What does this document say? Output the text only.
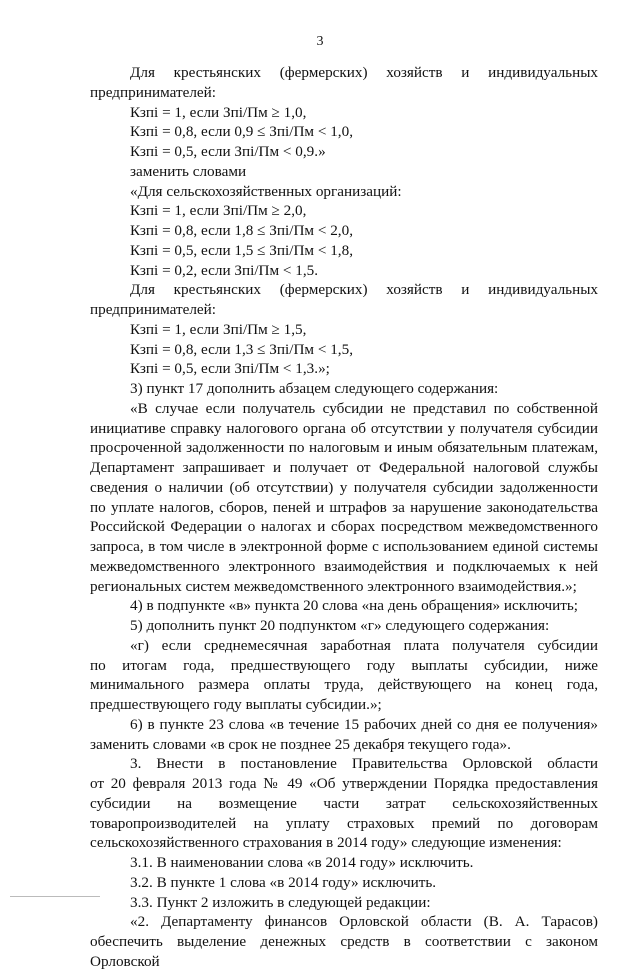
3
Для крестьянских (фермерских) хозяйств и индивидуальных
предпринимателей:
Кзпi = 1, если Зпi/Пм ≥ 1,0,
Кзпi = 0,8, если 0,9 ≤ Зпi/Пм < 1,0,
Кзпi = 0,5, если Зпi/Пм < 0,9.»
заменить словами
«Для сельскохозяйственных организаций:
Кзпi = 1, если Зпi/Пм ≥ 2,0,
Кзпi = 0,8, если 1,8 ≤ Зпi/Пм < 2,0,
Кзпi = 0,5, если 1,5 ≤ Зпi/Пм < 1,8,
Кзпi = 0,2, если Зпi/Пм < 1,5.
Для крестьянских (фермерских) хозяйств и индивидуальных
предпринимателей:
Кзпi = 1, если Зпi/Пм ≥ 1,5,
Кзпi = 0,8, если 1,3 ≤ Зпi/Пм < 1,5,
Кзпi = 0,5, если Зпi/Пм < 1,3.»;
3) пункт 17 дополнить абзацем следующего содержания:
«В случае если получатель субсидии не представил по собственной
инициативе справку налогового органа об отсутствии у получателя субсидии
просроченной задолженности по налоговым и иным обязательным платежам,
Департамент запрашивает и получает от Федеральной налоговой службы
сведения о наличии (об отсутствии) у получателя субсидии задолженности
по уплате налогов, сборов, пеней и штрафов за нарушение законодательства
Российской Федерации о налогах и сборах посредством межведомственного
запроса, в том числе в электронной форме с использованием единой системы
межведомственного электронного взаимодействия и подключаемых к ней
региональных систем межведомственного электронного взаимодействия.»;
4) в подпункте «в» пункта 20 слова «на день обращения» исключить;
5) дополнить пункт 20 подпунктом «г» следующего содержания:
«г) если среднемесячная заработная плата получателя субсидии
по итогам года, предшествующего году выплаты субсидии, ниже
минимального размера оплаты труда, действующего на конец года,
предшествующего году выплаты субсидии.»;
6) в пункте 23 слова «в течение 15 рабочих дней со дня ее получения»
заменить словами «в срок не позднее 25 декабря текущего года».
3. Внести в постановление Правительства Орловской области
от 20 февраля 2013 года № 49 «Об утверждении Порядка предоставления
субсидии на возмещение части затрат сельскохозяйственных
товаропроизводителей на уплату страховых премий по договорам
сельскохозяйственного страхования в 2014 году» следующие изменения:
3.1. В наименовании слова «в 2014 году» исключить.
3.2. В пункте 1 слова «в 2014 году» исключить.
3.3. Пункт 2 изложить в следующей редакции:
«2. Департаменту финансов Орловской области (В. А. Тарасов)
обеспечить выделение денежных средств в соответствии с законом Орловской
